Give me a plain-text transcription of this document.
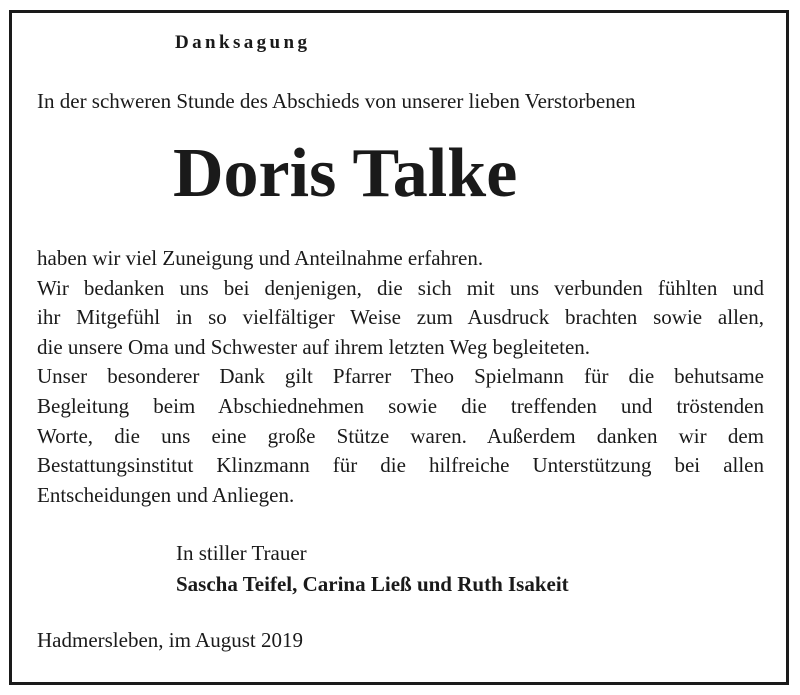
Danksagung
In der schweren Stunde des Abschieds von unserer lieben Verstorbenen
Doris Talke
haben wir viel Zuneigung und Anteilnahme erfahren.
Wir bedanken uns bei denjenigen, die sich mit uns verbunden fühlten und
ihr Mitgefühl in so vielfältiger Weise zum Ausdruck brachten sowie allen,
die unsere Oma und Schwester auf ihrem letzten Weg begleiteten.
Unser besonderer Dank gilt Pfarrer Theo Spielmann für die behutsame
Begleitung beim Abschiednehmen sowie die treffenden und tröstenden
Worte, die uns eine große Stütze waren. Außerdem danken wir dem
Bestattungsinstitut Klinzmann für die hilfreiche Unterstützung bei allen
Entscheidungen und Anliegen.
In stiller Trauer
Sascha Teifel, Carina Ließ und Ruth Isakeit
Hadmersleben, im August 2019
